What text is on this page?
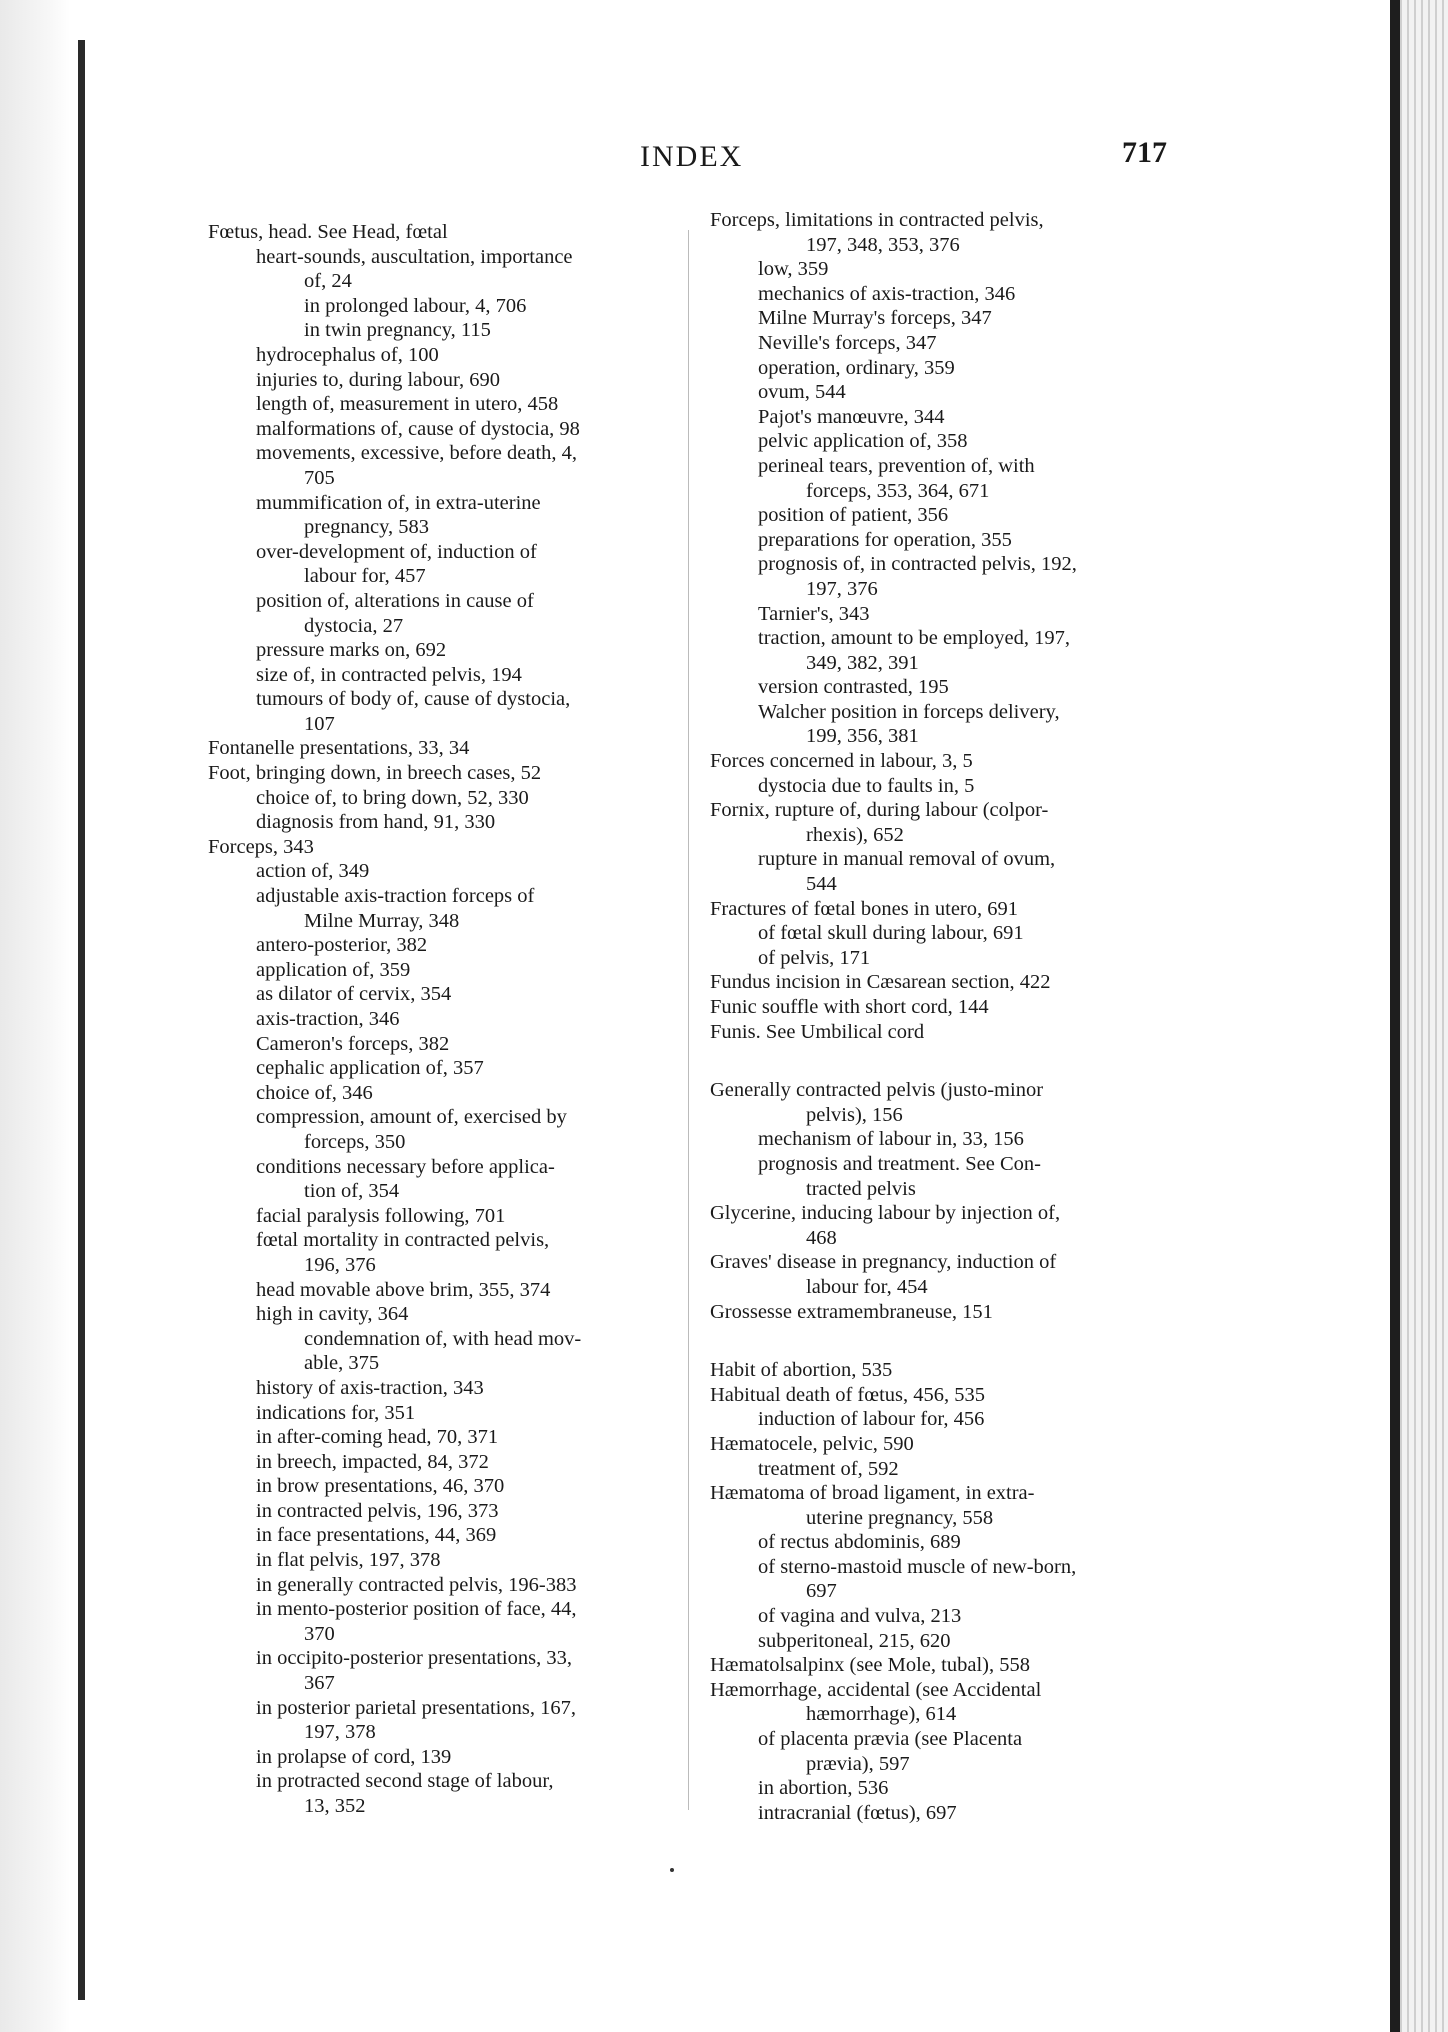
INDEX	717
Fœtus, head. See Head, fœtal
heart-sounds, auscultation, importance
of, 24
in prolonged labour, 4, 706
in twin pregnancy, 115
hydrocephalus of, 100
injuries to, during labour, 690
length of, measurement in utero, 458
malformations of, cause of dystocia, 98
movements, excessive, before death, 4,
705
mummification of, in extra-uterine
pregnancy, 583
over-development of, induction of
labour for, 457
position of, alterations in cause of
dystocia, 27
pressure marks on, 692
size of, in contracted pelvis, 194
tumours of body of, cause of dystocia,
107
Fontanelle presentations, 33, 34
Foot, bringing down, in breech cases, 52
choice of, to bring down, 52, 330
diagnosis from hand, 91, 330
Forceps, 343
action of, 349
adjustable axis-traction forceps of
Milne Murray, 348
antero-posterior, 382
application of, 359
as dilator of cervix, 354
axis-traction, 346
Cameron's forceps, 382
cephalic application of, 357
choice of, 346
compression, amount of, exercised by
forceps, 350
conditions necessary before applica-
tion of, 354
facial paralysis following, 701
fœtal mortality in contracted pelvis,
196, 376
head movable above brim, 355, 374
high in cavity, 364
condemnation of, with head mov-
able, 375
history of axis-traction, 343
indications for, 351
in after-coming head, 70, 371
in breech, impacted, 84, 372
in brow presentations, 46, 370
in contracted pelvis, 196, 373
in face presentations, 44, 369
in flat pelvis, 197, 378
in generally contracted pelvis, 196-383
in mento-posterior position of face, 44,
370
in occipito-posterior presentations, 33,
367
in posterior parietal presentations, 167,
197, 378
in prolapse of cord, 139
in protracted second stage of labour,
13, 352
Forceps, limitations in contracted pelvis,
197, 348, 353, 376
low, 359
mechanics of axis-traction, 346
Milne Murray's forceps, 347
Neville's forceps, 347
operation, ordinary, 359
ovum, 544
Pajot's manœuvre, 344
pelvic application of, 358
perineal tears, prevention of, with
forceps, 353, 364, 671
position of patient, 356
preparations for operation, 355
prognosis of, in contracted pelvis, 192,
197, 376
Tarnier's, 343
traction, amount to be employed, 197,
349, 382, 391
version contrasted, 195
Walcher position in forceps delivery,
199, 356, 381
Forces concerned in labour, 3, 5
dystocia due to faults in, 5
Fornix, rupture of, during labour (colpor-
rhexis), 652
rupture in manual removal of ovum,
544
Fractures of fœtal bones in utero, 691
of fœtal skull during labour, 691
of pelvis, 171
Fundus incision in Cæsarean section, 422
Funic souffle with short cord, 144
Funis. See Umbilical cord
Generally contracted pelvis (justo-minor
pelvis), 156
mechanism of labour in, 33, 156
prognosis and treatment. See Con-
tracted pelvis
Glycerine, inducing labour by injection of,
468
Graves' disease in pregnancy, induction of
labour for, 454
Grossesse extramembraneuse, 151
Habit of abortion, 535
Habitual death of fœtus, 456, 535
induction of labour for, 456
Hæmatocele, pelvic, 590
treatment of, 592
Hæmatoma of broad ligament, in extra-
uterine pregnancy, 558
of rectus abdominis, 689
of sterno-mastoid muscle of new-born,
697
of vagina and vulva, 213
subperitoneal, 215, 620
Hæmatolsalpinx (see Mole, tubal), 558
Hæmorrhage, accidental (see Accidental
hæmorrhage), 614
of placenta prævia (see Placenta
prævia), 597
in abortion, 536
intracranial (fœtus), 697
